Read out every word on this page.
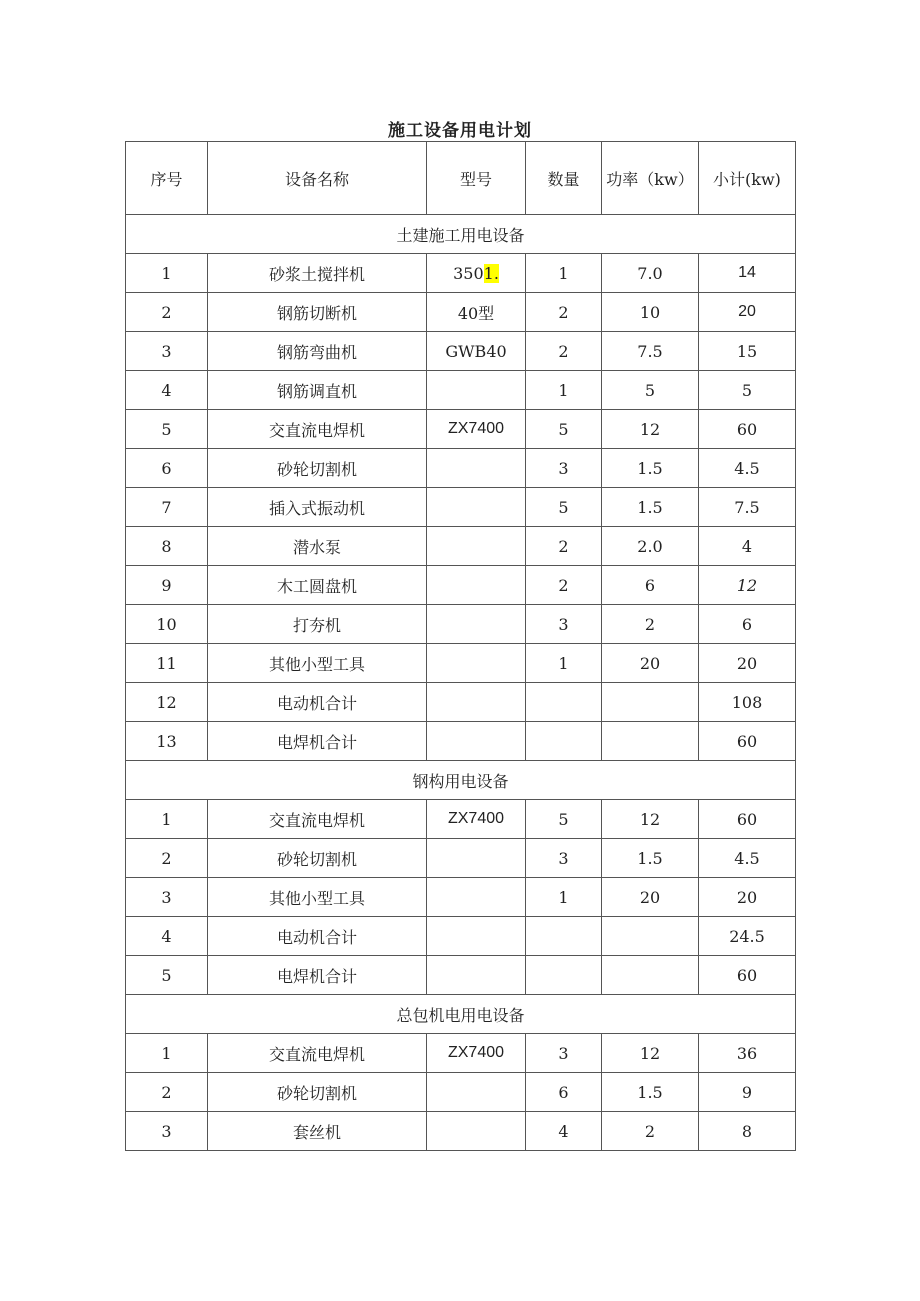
施工设备用电计划
序号	设备名称	型号	数量	功率（kw）	小计(kw)
土建施工用电设备					
1	砂浆土搅拌机	3501.	1	7.0	14
2	钢筋切断机	40型	2	10	20
3	钢筋弯曲机	GWB40	2	7.5	15
4	钢筋调直机		1	5	5
5	交直流电焊机	ZX7400	5	12	60
6	砂轮切割机		3	1.5	4.5
7	插入式振动机		5	1.5	7.5
8	潜水泵		2	2.0	4
9	木工圆盘机		2	6	12
10	打夯机		3	2	6
11	其他小型工具		1	20	20
12	电动机合计				108
13	电焊机合计				60
钢构用电设备					
1	交直流电焊机	ZX7400	5	12	60
2	砂轮切割机		3	1.5	4.5
3	其他小型工具		1	20	20
4	电动机合计				24.5
5	电焊机合计				60
总包机电用电设备					
1	交直流电焊机	ZX7400	3	12	36
2	砂轮切割机		6	1.5	9
3	套丝机		4	2	8
